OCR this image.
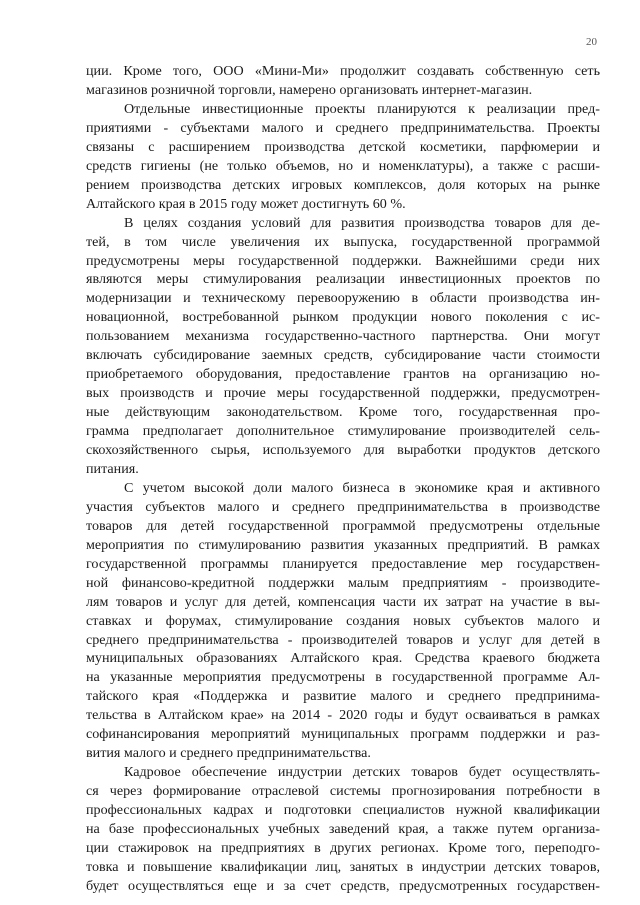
20
ции. Кроме того, ООО «Мини-Ми» продолжит создавать собственную сеть
магазинов розничной торговли, намерено организовать интернет-магазин.
Отдельные инвестиционные проекты планируются к реализации пред-
приятиями - субъектами малого и среднего предпринимательства. Проекты
связаны с расширением производства детской косметики, парфюмерии и
средств гигиены (не только объемов, но и номенклатуры), а также с расши-
рением производства детских игровых комплексов, доля которых на рынке
Алтайского края в 2015 году может достигнуть 60 %.
В целях создания условий для развития производства товаров для де-
тей, в том числе увеличения их выпуска, государственной программой
предусмотрены меры государственной поддержки. Важнейшими среди них
являются меры стимулирования реализации инвестиционных проектов по
модернизации и техническому перевооружению в области производства ин-
новационной, востребованной рынком продукции нового поколения с ис-
пользованием механизма государственно-частного партнерства. Они могут
включать субсидирование заемных средств, субсидирование части стоимости
приобретаемого оборудования, предоставление грантов на организацию но-
вых производств и прочие меры государственной поддержки, предусмотрен-
ные действующим законодательством. Кроме того, государственная про-
грамма предполагает дополнительное стимулирование производителей сель-
скохозяйственного сырья, используемого для выработки продуктов детского
питания.
С учетом высокой доли малого бизнеса в экономике края и активного
участия субъектов малого и среднего предпринимательства в производстве
товаров для детей государственной программой предусмотрены отдельные
мероприятия по стимулированию развития указанных предприятий. В рамках
государственной программы планируется предоставление мер государствен-
ной финансово-кредитной поддержки малым предприятиям - производите-
лям товаров и услуг для детей, компенсация части их затрат на участие в вы-
ставках и форумах, стимулирование создания новых субъектов малого и
среднего предпринимательства - производителей товаров и услуг для детей в
муниципальных образованиях Алтайского края. Средства краевого бюджета
на указанные мероприятия предусмотрены в государственной программе Ал-
тайского края «Поддержка и развитие малого и среднего предпринима-
тельства в Алтайском крае» на 2014 - 2020 годы и будут осваиваться в рамках
софинансирования мероприятий муниципальных программ поддержки и раз-
вития малого и среднего предпринимательства.
Кадровое обеспечение индустрии детских товаров будет осуществлять-
ся через формирование отраслевой системы прогнозирования потребности в
профессиональных кадрах и подготовки специалистов нужной квалификации
на базе профессиональных учебных заведений края, а также путем организа-
ции стажировок на предприятиях в других регионах. Кроме того, переподго-
товка и повышение квалификации лиц, занятых в индустрии детских товаров,
будет осуществляться еще и за счет средств, предусмотренных государствен-
